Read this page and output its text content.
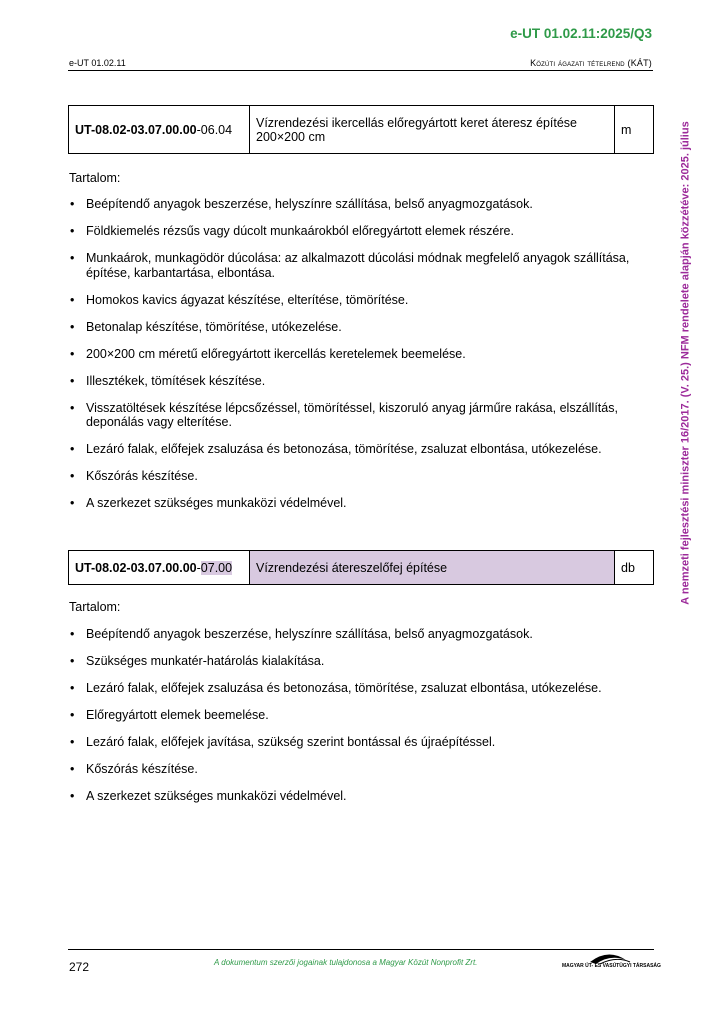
e-UT 01.02.11:2025/Q3
e-UT 01.02.11	Közúti ágazati tételrend (KÁT)
A nemzeti fejlesztési miniszter 16/2017. (V. 25.) NFM rendelete alapján közzétéve: 2025. július
UT-08.02-03.07.00.00-06.04	Vízrendezési ikercellás előregyártott keret áteresz építése 200×200 cm	m
Tartalom:
• Beépítendő anyagok beszerzése, helyszínre szállítása, belső anyagmozgatások.
• Földkiemelés rézsűs vagy dúcolt munkaárokból előregyártott elemek részére.
• Munkaárok, munkagödör dúcolása: az alkalmazott dúcolási módnak megfelelő anyagok szállítása, építése, karbantartása, elbontása.
• Homokos kavics ágyazat készítése, elterítése, tömörítése.
• Betonalap készítése, tömörítése, utókezelése.
• 200×200 cm méretű előregyártott ikercellás keretelemek beemelése.
• Illesztékek, tömítések készítése.
• Visszatöltések készítése lépcsőzéssel, tömörítéssel, kiszoruló anyag járműre rakása, elszállítás, deponálás vagy elterítése.
• Lezáró falak, előfejek zsaluzása és betonozása, tömörítése, zsaluzat elbontása, utókezelése.
• Kőszórás készítése.
• A szerkezet szükséges munkaközi védelmével.
UT-08.02-03.07.00.00-07.00	Vízrendezési átereszelőfej építése	db
Tartalom:
• Beépítendő anyagok beszerzése, helyszínre szállítása, belső anyagmozgatások.
• Szükséges munkatér-határolás kialakítása.
• Lezáró falak, előfejek zsaluzása és betonozása, tömörítése, zsaluzat elbontása, utókezelése.
• Előregyártott elemek beemelése.
• Lezáró falak, előfejek javítása, szükség szerint bontással és újraépítéssel.
• Kőszórás készítése.
• A szerkezet szükséges munkaközi védelmével.
272	A dokumentum szerzői jogainak tulajdonosa a Magyar Közút Nonprofit Zrt.	MAGYAR ÚT- ÉS VASÚTÜGYI TÁRSASÁG
